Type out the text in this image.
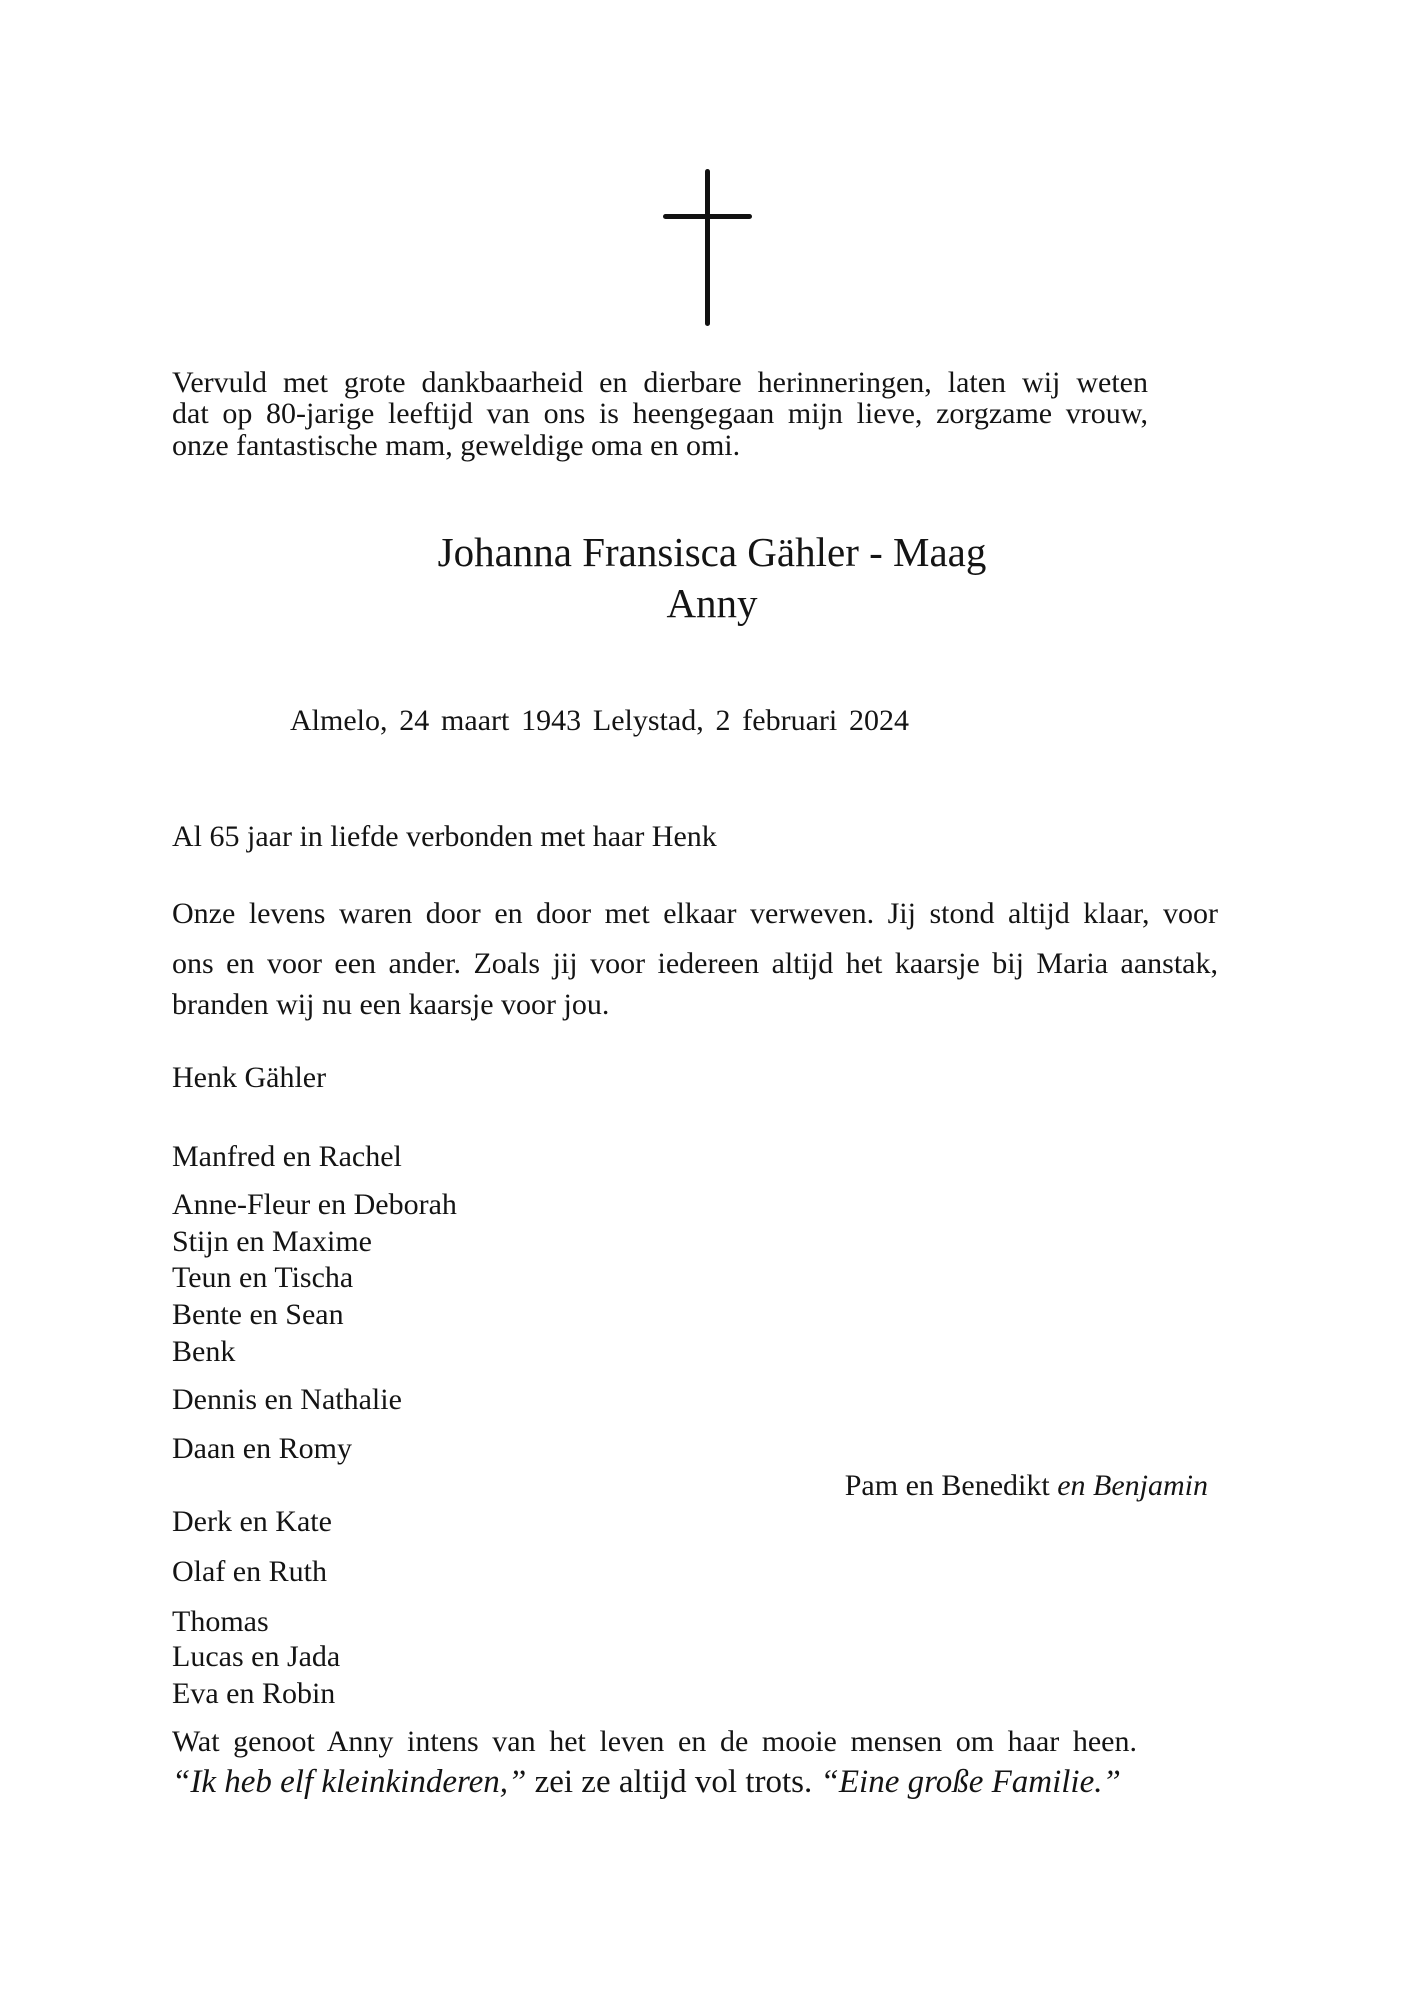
Vervuld met grote dankbaarheid en dierbare herinneringen, laten wij weten
dat op 80-jarige leeftijd van ons is heengegaan mijn lieve, zorgzame vrouw,
onze fantastische mam, geweldige oma en omi.
Johanna Fransisca Gähler - Maag
Anny
Almelo, 24 maart 1943 Lelystad, 2 februari 2024
Al 65 jaar in liefde verbonden met haar Henk
Onze levens waren door en door met elkaar verweven. Jij stond altijd klaar, voor
ons en voor een ander. Zoals jij voor iedereen altijd het kaarsje bij Maria aanstak,
branden wij nu een kaarsje voor jou.
Henk Gähler
Manfred en Rachel
Anne-Fleur en Deborah
Stijn en Maxime
Teun en Tischa
Bente en Sean
Benk
Dennis en Nathalie
Daan en Romy
Pam en Benedikt en Benjamin
Derk en Kate
Olaf en Ruth
Thomas
Lucas en Jada
Eva en Robin
Wat genoot Anny intens van het leven en de mooie mensen om haar heen.
“Ik heb elf kleinkinderen,” zei ze altijd vol trots. “Eine große Familie.”
